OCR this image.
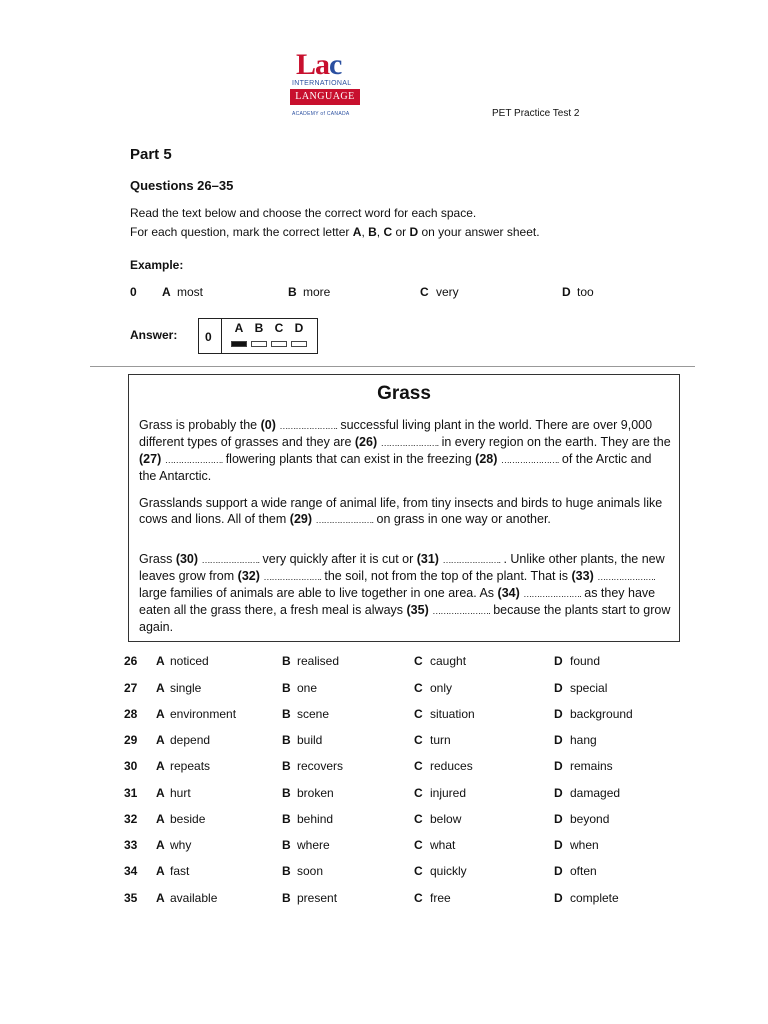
Lac
INTERNATIONAL
LANGUAGE
ACADEMY of CANADA	PET Practice Test 2
Part 5
Questions 26–35
Read the text below and choose the correct word for each space.
For each question, mark the correct letter A, B, C or D on your answer sheet.
Example:
0 A most	B more	C very	D too
Answer: 0
A B C D
Grass
Grass is probably the (0) …………………. successful living plant in the world. There are over 9,000 different types of grasses and they are (26) …………………. in every region on the earth. They are the (27) …………………. flowering plants that can exist in the freezing (28) …………………. of the Arctic and the Antarctic.
Grasslands support a wide range of animal life, from tiny insects and birds to huge animals like cows and lions. All of them (29) …………………. on grass in one way or another.
Grass (30) …………………. very quickly after it is cut or (31) …………………. . Unlike other plants, the new leaves grow from (32) …………………. the soil, not from the top of the plant. That is (33) …………………. large families of animals are able to live together in one area. As (34) …………………. as they have eaten all the grass there, a fresh meal is always (35) …………………. because the plants start to grow again.
26 A noticed	B realised	C caught	D found
27 A single	B one	C only	D special
28 A environment	B scene	C situation	D background
29 A depend	B build	C turn	D hang
30 A repeats	B recovers	C reduces	D remains
31 A hurt	B broken	C injured	D damaged
32 A beside	B behind	C below	D beyond
33 A why	B where	C what	D when
34 A fast	B soon	C quickly	D often
35 A available	B present	C free	D complete
